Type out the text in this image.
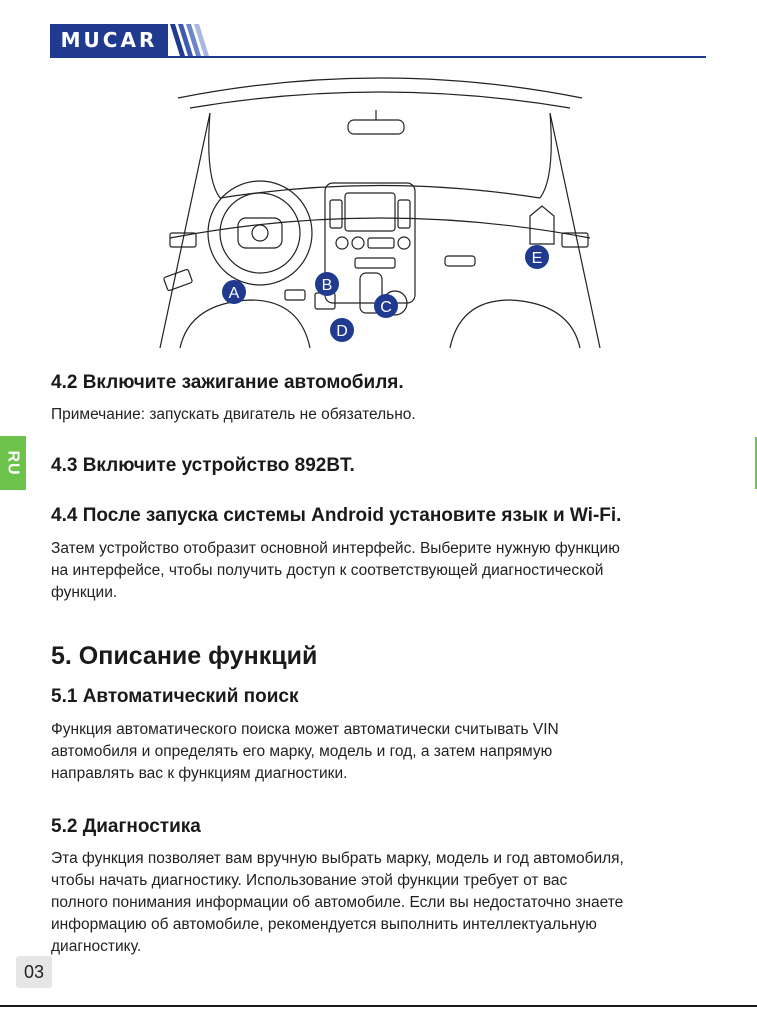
MUCAR
A	B
C
D
E
RU
4.2 Включите зажигание автомобиля.

Примечание: запускать двигатель не обязательно.

4.3 Включите устройство 892BT.
4.4 После запуска системы Android установите язык и Wi-Fi.
Затем устройство отобразит основной интерфейс. Выберите нужную функцию
на интерфейсе, чтобы получить доступ к соответствующей диагностической
функции.
5. Описание функций
5.1 Автоматический поиск
Функция автоматического поиска может автоматически считывать VIN
автомобиля и определять его марку, модель и год, а затем напрямую
направлять вас к функциям диагностики.
5.2 Диагностика
Эта функция позволяет вам вручную выбрать марку, модель и год автомобиля,
чтобы начать диагностику. Использование этой функции требует от вас
полного понимания информации об автомобиле. Если вы недостаточно знаете
информацию об автомобиле, рекомендуется выполнить интеллектуальную
диагностику.
03
